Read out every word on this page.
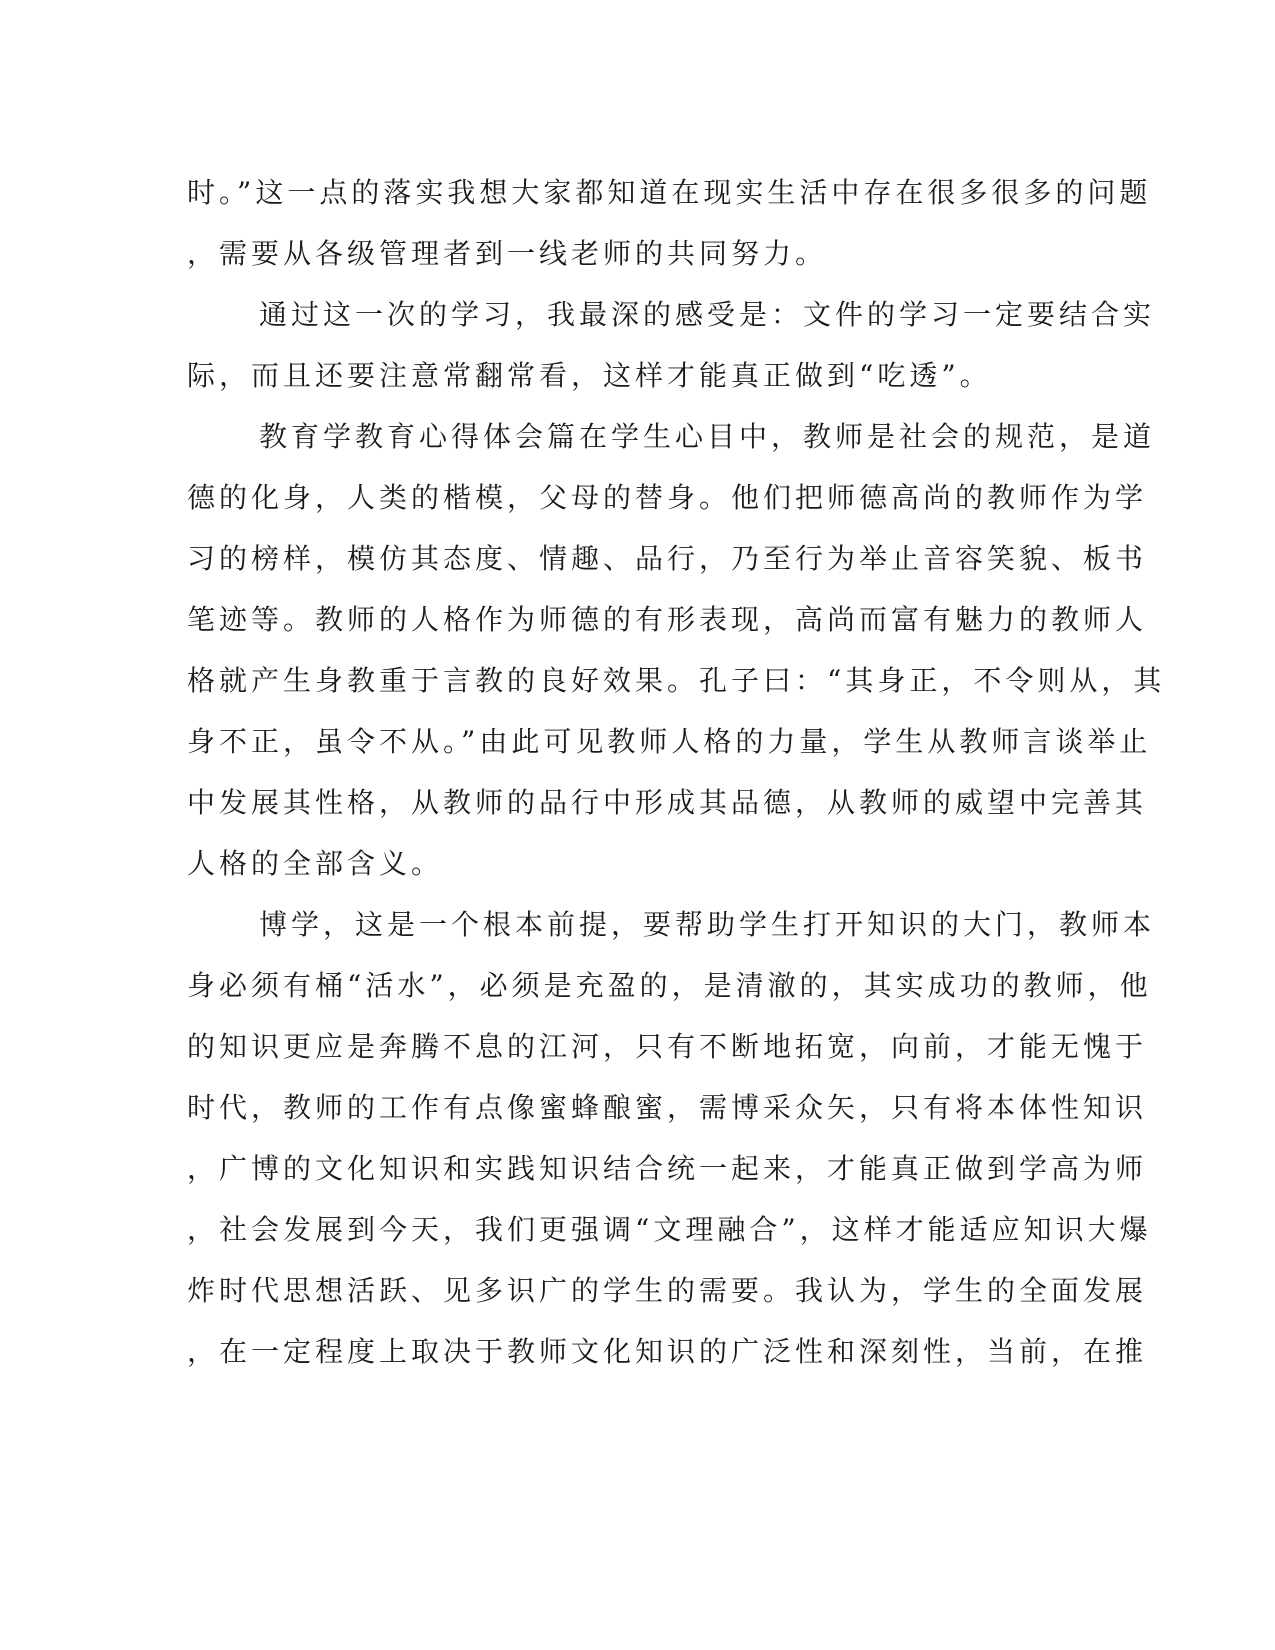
时。”这一点的落实我想大家都知道在现实生活中存在很多很多的问题
，需要从各级管理者到一线老师的共同努力。
通过这一次的学习，我最深的感受是：文件的学习一定要结合实
际，而且还要注意常翻常看，这样才能真正做到“吃透”。
教育学教育心得体会篇在学生心目中，教师是社会的规范，是道
德的化身，人类的楷模，父母的替身。他们把师德高尚的教师作为学
习的榜样，模仿其态度、情趣、品行，乃至行为举止音容笑貌、板书
笔迹等。教师的人格作为师德的有形表现，高尚而富有魅力的教师人
格就产生身教重于言教的良好效果。孔子曰：“其身正，不令则从，其
身不正，虽令不从。”由此可见教师人格的力量，学生从教师言谈举止
中发展其性格，从教师的品行中形成其品德，从教师的威望中完善其
人格的全部含义。
博学，这是一个根本前提，要帮助学生打开知识的大门，教师本
身必须有桶“活水”，必须是充盈的，是清澈的，其实成功的教师，他
的知识更应是奔腾不息的江河，只有不断地拓宽，向前，才能无愧于
时代，教师的工作有点像蜜蜂酿蜜，需博采众矢，只有将本体性知识
，广博的文化知识和实践知识结合统一起来，才能真正做到学高为师
，社会发展到今天，我们更强调“文理融合”，这样才能适应知识大爆
炸时代思想活跃、见多识广的学生的需要。我认为，学生的全面发展
，在一定程度上取决于教师文化知识的广泛性和深刻性，当前，在推
